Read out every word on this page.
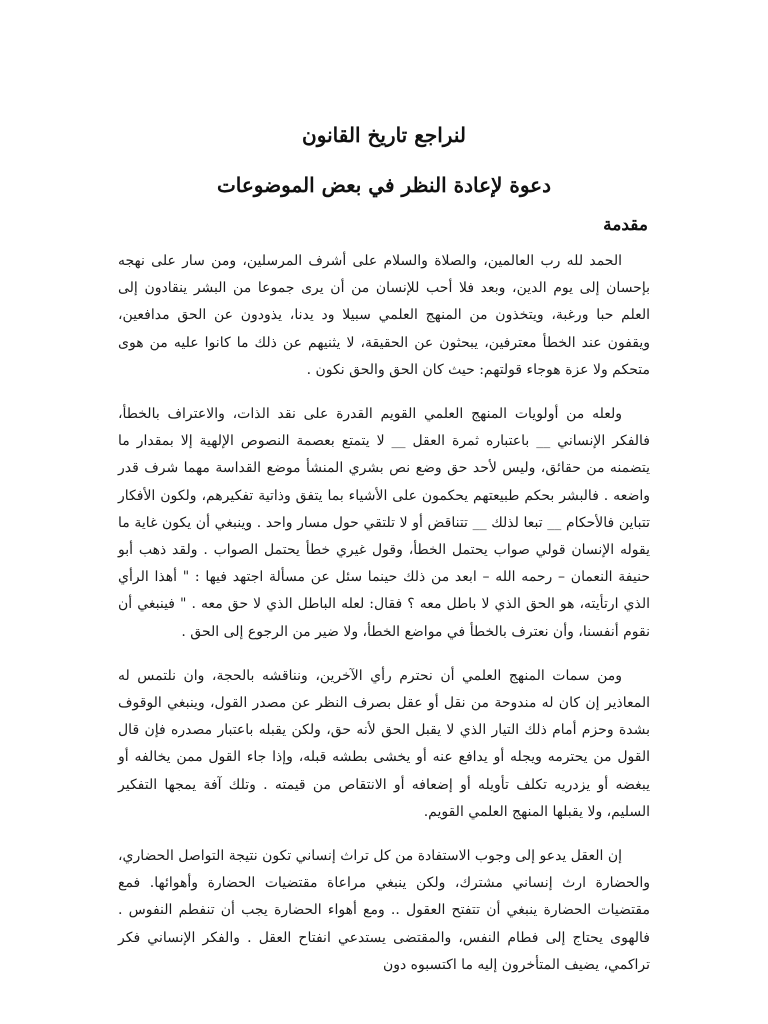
لنراجع تاريخ القانون
دعوة لإعادة النظر في بعض الموضوعات
مقدمة

الحمد لله رب العالمين، والصلاة والسلام على أشرف المرسلين، ومن سار على نهجه بإحسان إلى يوم الدين، وبعد فلا أحب للإنسان من أن يرى جموعا من البشر ينقادون إلى العلم حبا ورغبة، ويتخذون من المنهج العلمي سبيلا ود يدنا، يذودون عن الحق مدافعين، ويقفون عند الخطأ معترفين، يبحثون عن الحقيقة، لا يثنيهم عن ذلك ما كانوا عليه من هوى متحكم ولا عزة هوجاء قولتهم: حيث كان الحق والحق نكون .

ولعله من أولويات المنهج العلمي القويم القدرة على نقد الذات، والاعتراف بالخطأ، فالفكر الإنساني __ باعتباره ثمرة العقل __ لا يتمتع بعصمة النصوص الإلهية إلا بمقدار ما يتضمنه من حقائق، وليس لأحد حق وضع نص بشري المنشأ موضع القداسة مهما شرف قدر واضعه . فالبشر بحكم طبيعتهم يحكمون على الأشياء بما يتفق وذاتية تفكيرهم، ولكون الأفكار تتباين فالأحكام __ تبعا لذلك __ تتناقض أو لا تلتقي حول مسار واحد . وينبغي أن يكون غاية ما يقوله الإنسان قولي صواب يحتمل الخطأ، وقول غيري خطأ يحتمل الصواب . ولقد ذهب أبو حنيفة النعمان – رحمه الله – ابعد من ذلك حينما سئل عن مسألة اجتهد فيها : " أهذا الرأي الذي ارتأيته، هو الحق الذي لا باطل معه ؟ فقال: لعله الباطل الذي لا حق معه . " فينبغي أن نقوم أنفسنا، وأن نعترف بالخطأ في مواضع الخطأ، ولا ضير من الرجوع إلى الحق .

ومن سمات المنهج العلمي أن نحترم رأي الآخرين، ونناقشه بالحجة، وان نلتمس له المعاذير إن كان له مندوحة من نقل أو عقل بصرف النظر عن مصدر القول، وينبغي الوقوف بشدة وحزم أمام ذلك التيار الذي لا يقبل الحق لأنه حق، ولكن يقبله باعتبار مصدره فإن قال القول من يحترمه ويجله أو يدافع عنه أو يخشى بطشه قبله، وإذا جاء القول ممن يخالفه أو يبغضه أو يزدريه تكلف تأويله أو إضعافه أو الانتقاص من قيمته . وتلك آفة يمجها التفكير السليم، ولا يقبلها المنهج العلمي القويم.

إن العقل يدعو إلى وجوب الاستفادة من كل تراث إنساني تكون نتيجة التواصل الحضاري، والحضارة ارث إنساني مشترك، ولكن ينبغي مراعاة مقتضيات الحضارة وأهوائها. فمع مقتضيات الحضارة ينبغي أن تتفتح العقول .. ومع أهواء الحضارة يجب أن تنفطم النفوس . فالهوى يحتاج إلى فطام النفس، والمقتضى يستدعي انفتاح العقل . والفكر الإنساني فكر تراكمي، يضيف المتأخرون إليه ما اكتسبوه دون
